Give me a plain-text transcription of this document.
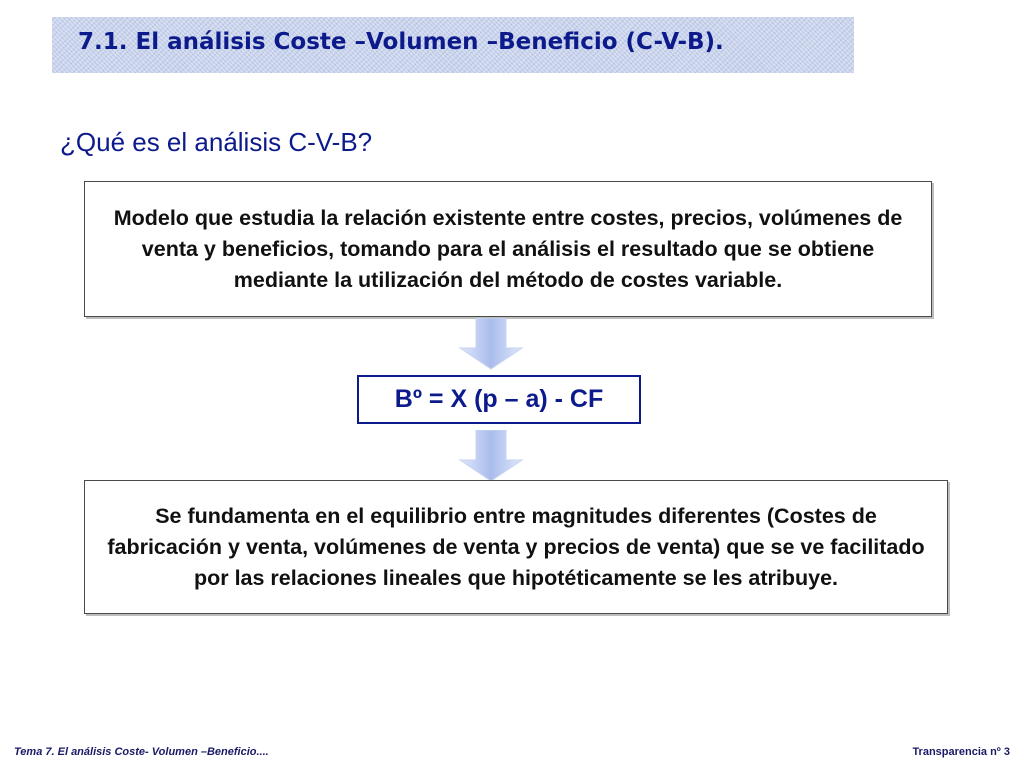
7.1. El análisis Coste –Volumen –Beneficio (C-V-B).
¿Qué es el análisis C-V-B?
Modelo que estudia la relación existente entre costes, precios, volúmenes de venta y beneficios, tomando para el análisis el resultado que se obtiene mediante la utilización del método de costes variable.
Bº = X (p – a) - CF
Se fundamenta en el equilibrio entre magnitudes diferentes (Costes de fabricación y venta, volúmenes de venta y precios de venta) que se ve facilitado por las relaciones lineales que hipotéticamente se les atribuye.
Tema 7. El análisis Coste- Volumen –Beneficio....	Transparencia nº 3
